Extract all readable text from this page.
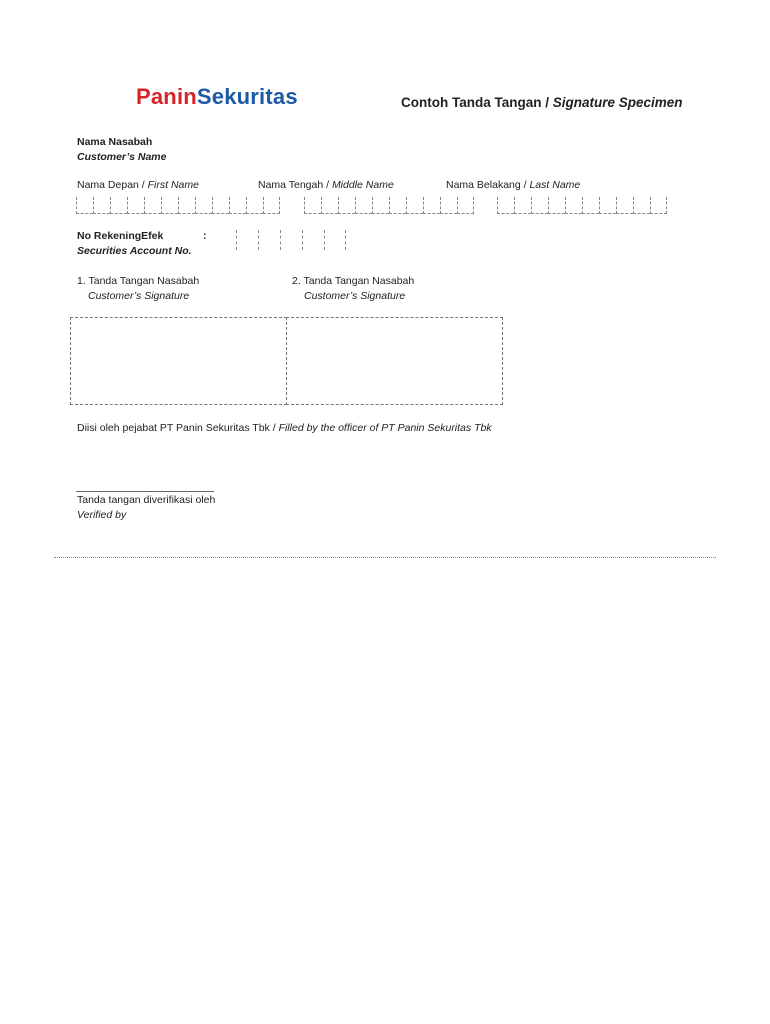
PaninSekuritas	Contoh Tanda Tangan / Signature Specimen
Nama Nasabah
Customer’s Name
Nama Depan / First Name	Nama Tengah / Middle Name	Nama Belakang / Last Name
No RekeningEfek	:
Securities Account No.
1. Tanda Tangan Nasabah
Customer’s Signature
2. Tanda Tangan Nasabah
Customer’s Signature
Diisi oleh pejabat PT Panin Sekuritas Tbk / Filled by the officer of PT Panin Sekuritas Tbk
Tanda tangan diverifikasi oleh
Verified by
